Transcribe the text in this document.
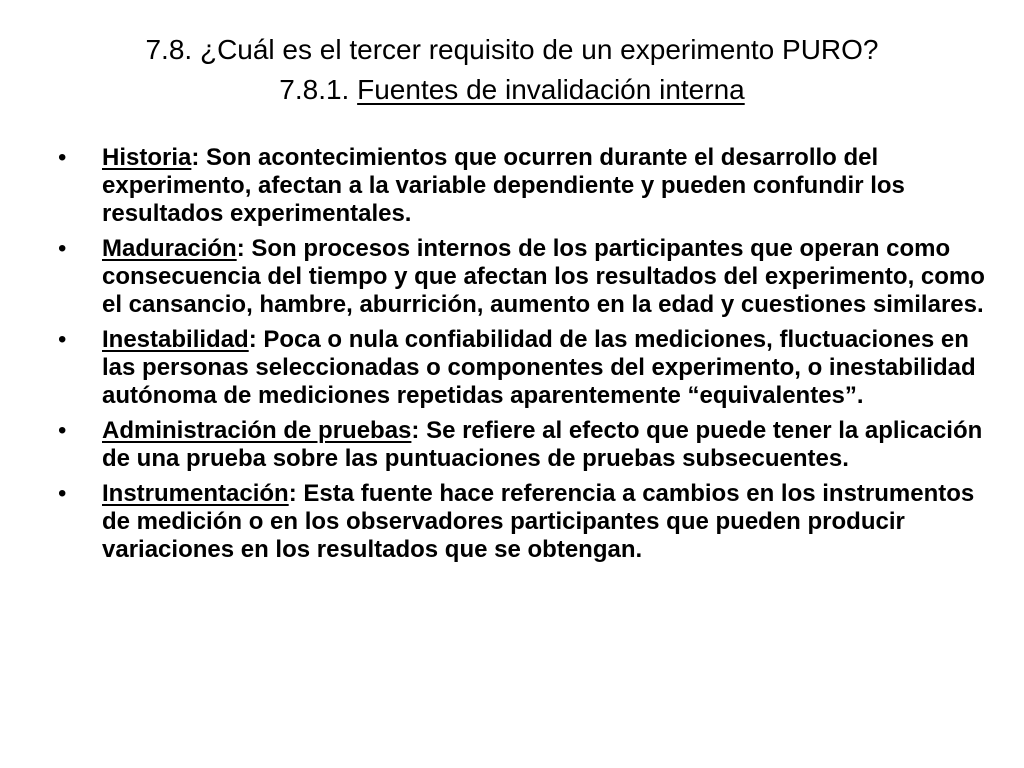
7.8. ¿Cuál es el tercer requisito de un experimento PURO?
7.8.1. Fuentes de invalidación interna
• Historia: Son acontecimientos que ocurren durante el desarrollo del experimento, afectan a la variable dependiente y pueden confundir los resultados experimentales.
• Maduración: Son procesos internos de los participantes que operan como consecuencia del tiempo y que afectan los resultados del experimento, como el cansancio, hambre, aburrición, aumento en la edad y cuestiones similares.
• Inestabilidad: Poca o nula confiabilidad de las mediciones, fluctuaciones en las personas seleccionadas o componentes del experimento, o inestabilidad autónoma de mediciones repetidas aparentemente “equivalentes”.
• Administración de pruebas: Se refiere al efecto que puede tener la aplicación de una prueba sobre las puntuaciones de pruebas subsecuentes.
• Instrumentación: Esta fuente hace referencia a cambios en los instrumentos de medición o en los observadores participantes que pueden producir variaciones en los resultados que se obtengan.
